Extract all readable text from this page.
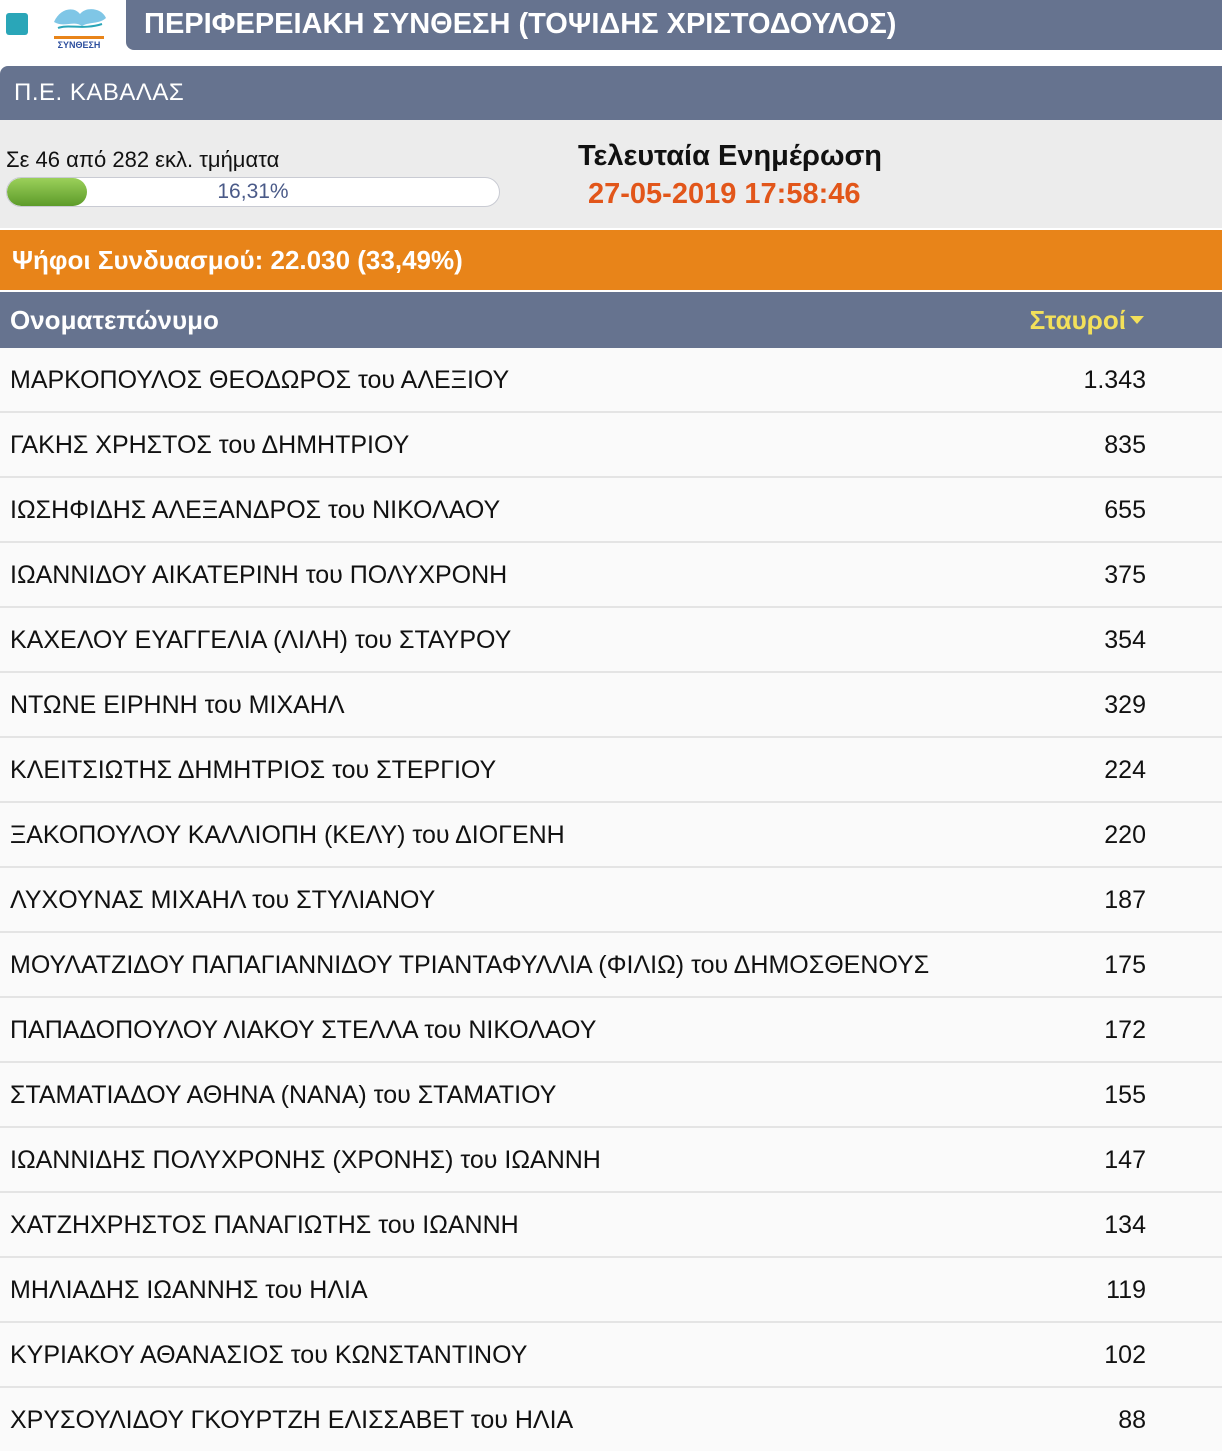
ΣΥΝΘΕΣΗ
ΠΕΡΙΦΕΡΕΙΑΚΗ ΣΥΝΘΕΣΗ (ΤΟΨΙΔΗΣ ΧΡΙΣΤΟΔΟΥΛΟΣ)
Π.Ε. ΚΑΒΑΛΑΣ
Σε 46 από 282 εκλ. τμήματα
16,31%
Τελευταία Ενημέρωση
27-05-2019 17:58:46
Ψήφοι Συνδυασμού: 22.030 (33,49%)
Ονοματεπώνυμο	Σταυροί
ΜΑΡΚΟΠΟΥΛΟΣ ΘΕΟΔΩΡΟΣ του ΑΛΕΞΙΟΥ	1.343
ΓΑΚΗΣ ΧΡΗΣΤΟΣ του ΔΗΜΗΤΡΙΟΥ	835
ΙΩΣΗΦΙΔΗΣ ΑΛΕΞΑΝΔΡΟΣ του ΝΙΚΟΛΑΟΥ	655
ΙΩΑΝΝΙΔΟΥ ΑΙΚΑΤΕΡΙΝΗ του ΠΟΛΥΧΡΟΝΗ	375
ΚΑΧΕΛΟΥ ΕΥΑΓΓΕΛΙΑ (ΛΙΛΗ) του ΣΤΑΥΡΟΥ	354
ΝΤΩΝΕ ΕΙΡΗΝΗ του ΜΙΧΑΗΛ	329
ΚΛΕΙΤΣΙΩΤΗΣ ΔΗΜΗΤΡΙΟΣ του ΣΤΕΡΓΙΟΥ	224
ΞΑΚΟΠΟΥΛΟΥ ΚΑΛΛΙΟΠΗ (ΚΕΛΥ) του ΔΙΟΓΕΝΗ	220
ΛΥΧΟΥΝΑΣ ΜΙΧΑΗΛ του ΣΤΥΛΙΑΝΟΥ	187
ΜΟΥΛΑΤΖΙΔΟΥ ΠΑΠΑΓΙΑΝΝΙΔΟΥ ΤΡΙΑΝΤΑΦΥΛΛΙΑ (ΦΙΛΙΩ) του ΔΗΜΟΣΘΕΝΟΥΣ	175
ΠΑΠΑΔΟΠΟΥΛΟΥ ΛΙΑΚΟΥ ΣΤΕΛΛΑ του ΝΙΚΟΛΑΟΥ	172
ΣΤΑΜΑΤΙΑΔΟΥ ΑΘΗΝΑ (ΝΑΝΑ) του ΣΤΑΜΑΤΙΟΥ	155
ΙΩΑΝΝΙΔΗΣ ΠΟΛΥΧΡΟΝΗΣ (ΧΡΟΝΗΣ) του ΙΩΑΝΝΗ	147
ΧΑΤΖΗΧΡΗΣΤΟΣ ΠΑΝΑΓΙΩΤΗΣ του ΙΩΑΝΝΗ	134
ΜΗΛΙΑΔΗΣ ΙΩΑΝΝΗΣ του ΗΛΙΑ	119
ΚΥΡΙΑΚΟΥ ΑΘΑΝΑΣΙΟΣ του ΚΩΝΣΤΑΝΤΙΝΟΥ	102
ΧΡΥΣΟΥΛΙΔΟΥ ΓΚΟΥΡΤΖΗ ΕΛΙΣΣΑΒΕΤ του ΗΛΙΑ	88
